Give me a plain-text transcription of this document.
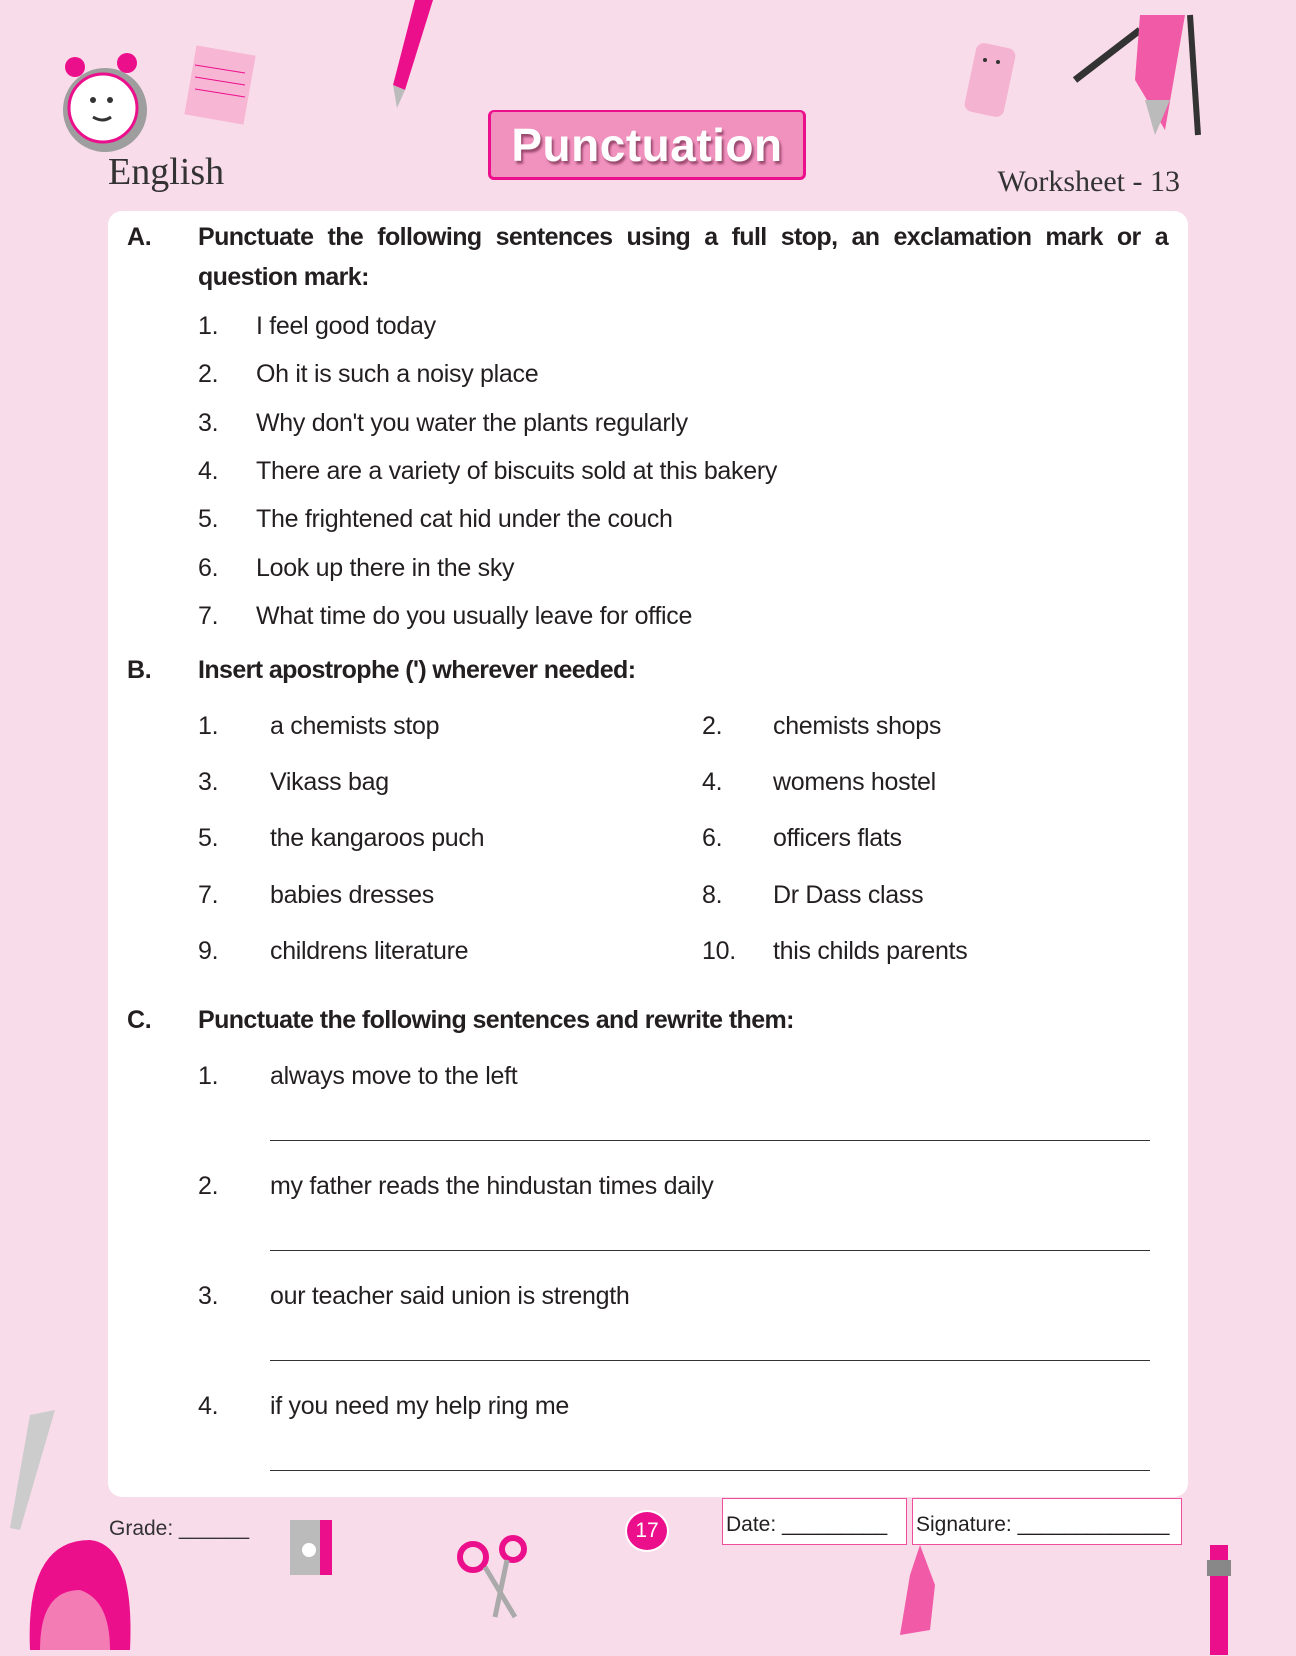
English
Punctuation
Worksheet - 13
A. Punctuate the following sentences using a full stop, an exclamation mark or a
question mark:
1. I feel good today
2. Oh it is such a noisy place
3. Why don't you water the plants regularly
4. There are a variety of biscuits sold at this bakery
5. The frightened cat hid under the couch
6. Look up there in the sky
7. What time do you usually leave for office
B. Insert apostrophe (') wherever needed:
1. a chemists stop	2. chemists shops
3. Vikass bag	4. womens hostel
5. the kangaroos puch	6. officers flats
7. babies dresses	8. Dr Dass class
9. childrens literature	10. this childs parents
C. Punctuate the following sentences and rewrite them:
1. always move to the left
2. my father reads the hindustan times daily
3. our teacher said union is strength
4. if you need my help ring me
Grade: ______	17	Date: _________	Signature: _____________
